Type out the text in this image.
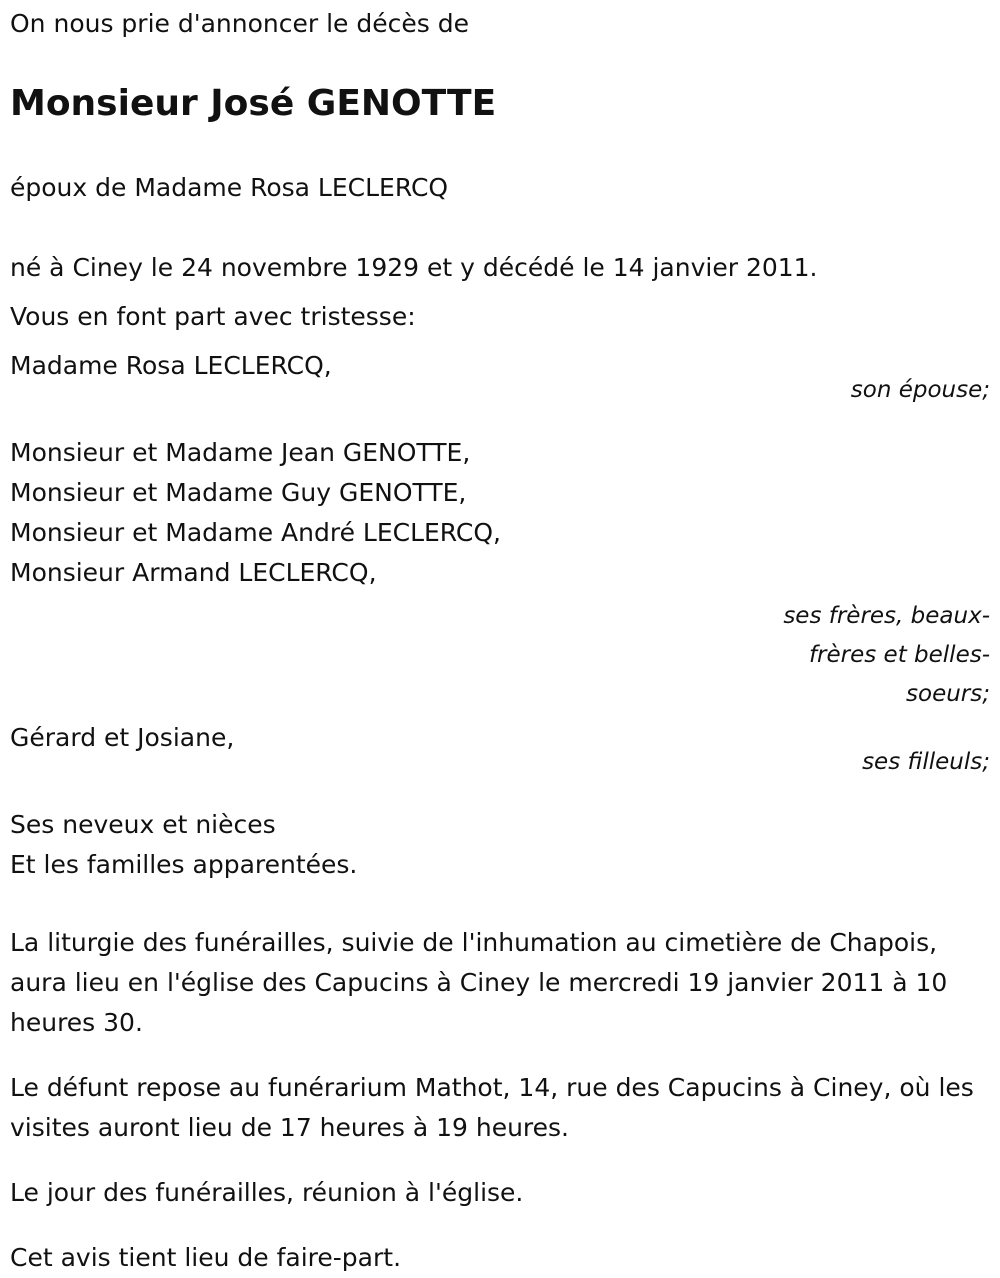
On nous prie d'annoncer le décès de

Monsieur José GENOTTE

époux de Madame Rosa LECLERCQ

né à Ciney le 24 novembre 1929 et y décédé le 14 janvier 2011.

Vous en font part avec tristesse:

Madame Rosa LECLERCQ,

son épouse;

Monsieur et Madame Jean GENOTTE,

Monsieur et Madame Guy GENOTTE,

Monsieur et Madame André LECLERCQ,

Monsieur Armand LECLERCQ,

ses frères, beaux-
frères et belles-
soeurs;

Gérard et Josiane,

ses filleuls;

Ses neveux et nièces

Et les familles apparentées.

La liturgie des funérailles, suivie de l'inhumation au cimetière de Chapois, aura lieu en l'église des Capucins à Ciney le mercredi 19 janvier 2011 à 10 heures 30.

Le défunt repose au funérarium Mathot, 14, rue des Capucins à Ciney, où les visites auront lieu de 17 heures à 19 heures.

Le jour des funérailles, réunion à l'église.

Cet avis tient lieu de faire-part.
